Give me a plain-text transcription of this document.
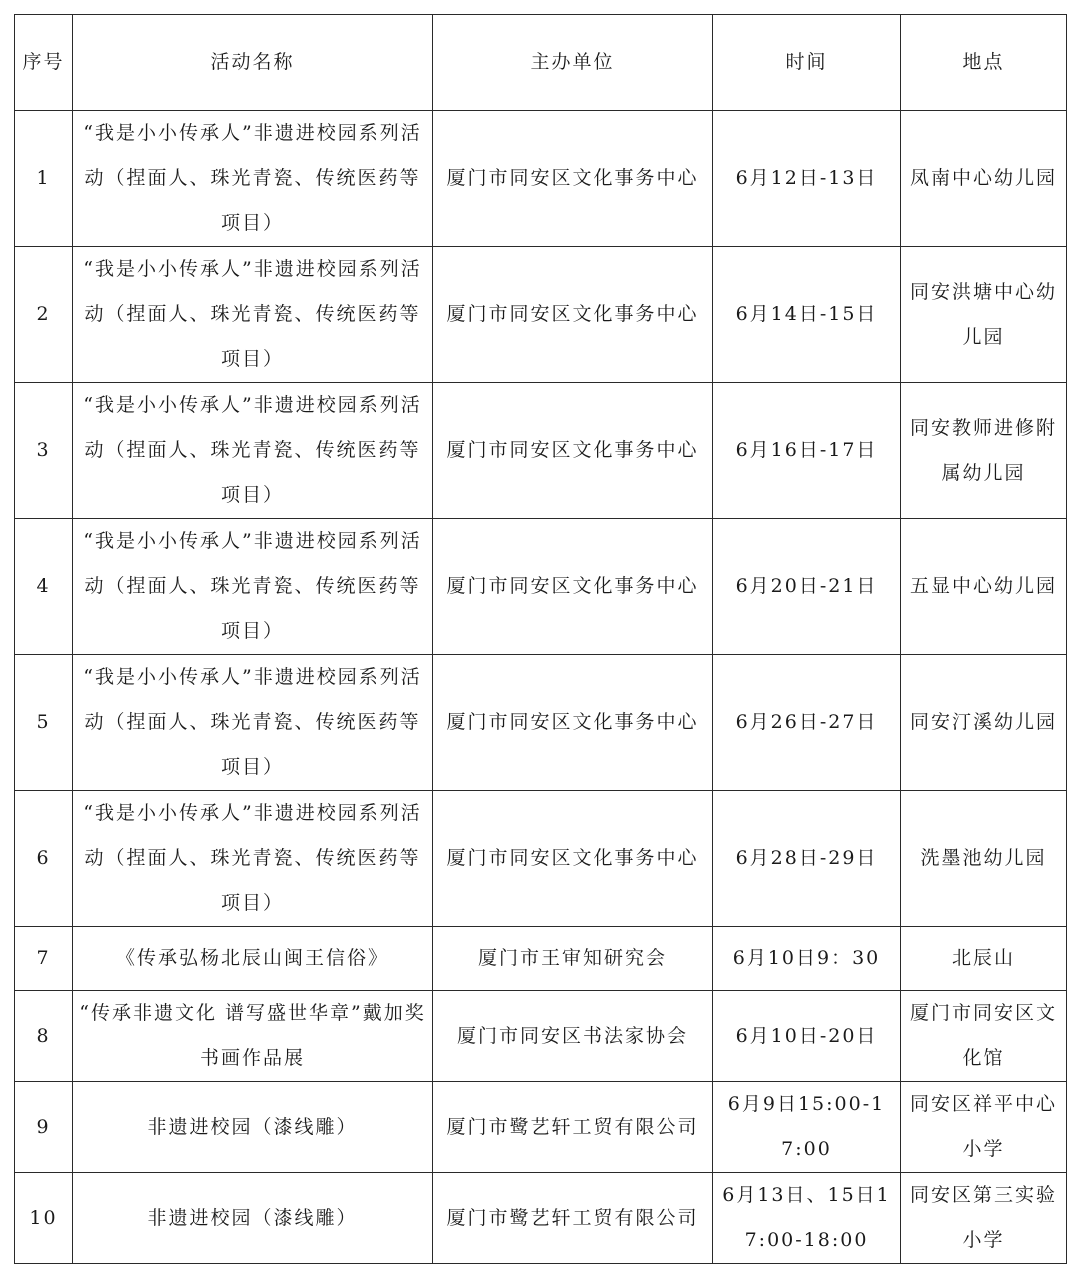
序号	活动名称	主办单位	时间	地点
1	“我是小小传承人”非遗进校园系列活动（捏面人、珠光青瓷、传统医药等项目）	厦门市同安区文化事务中心	6月12日-13日	凤南中心幼儿园
2	“我是小小传承人”非遗进校园系列活动（捏面人、珠光青瓷、传统医药等项目）	厦门市同安区文化事务中心	6月14日-15日	同安洪塘中心幼儿园
3	“我是小小传承人”非遗进校园系列活动（捏面人、珠光青瓷、传统医药等项目）	厦门市同安区文化事务中心	6月16日-17日	同安教师进修附属幼儿园
4	“我是小小传承人”非遗进校园系列活动（捏面人、珠光青瓷、传统医药等项目）	厦门市同安区文化事务中心	6月20日-21日	五显中心幼儿园
5	“我是小小传承人”非遗进校园系列活动（捏面人、珠光青瓷、传统医药等项目）	厦门市同安区文化事务中心	6月26日-27日	同安汀溪幼儿园
6	“我是小小传承人”非遗进校园系列活动（捏面人、珠光青瓷、传统医药等项目）	厦门市同安区文化事务中心	6月28日-29日	洗墨池幼儿园
7	《传承弘杨北辰山闽王信俗》	厦门市王审知研究会	6月10日9：30	北辰山
8	“传承非遗文化 谱写盛世华章”戴加奖书画作品展	厦门市同安区书法家协会	6月10日-20日	厦门市同安区文化馆
9	非遗进校园（漆线雕）	厦门市鹭艺轩工贸有限公司	6月9日15:00-17:00	同安区祥平中心小学
10	非遗进校园（漆线雕）	厦门市鹭艺轩工贸有限公司	6月13日、15日17:00-18:00	同安区第三实验小学
